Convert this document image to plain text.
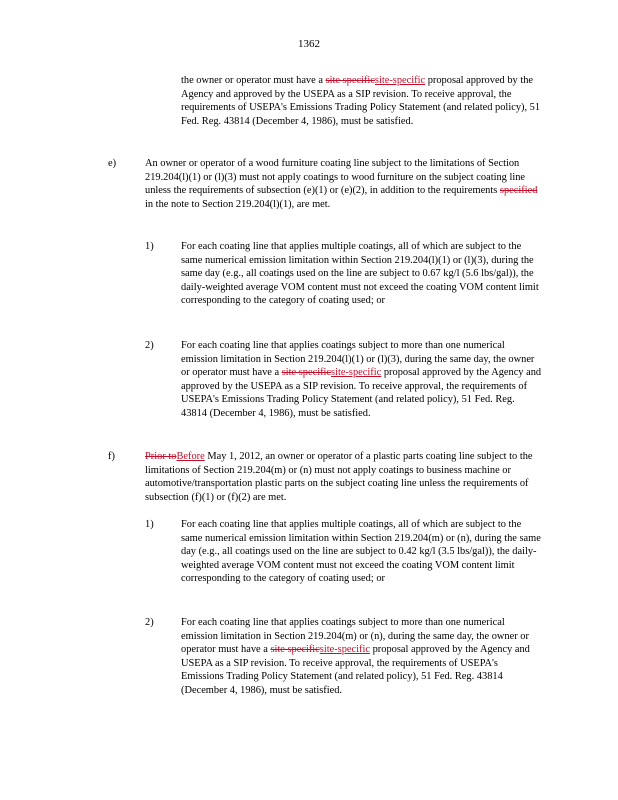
1362

the owner or operator must have a site specificsite-specific proposal approved by the Agency and approved by the USEPA as a SIP revision. To receive approval, the requirements of USEPA's Emissions Trading Policy Statement (and related policy), 51 Fed. Reg. 43814 (December 4, 1986), must be satisfied.

e)	An owner or operator of a wood furniture coating line subject to the limitations of Section 219.204(l)(1) or (l)(3) must not apply coatings to wood furniture on the subject coating line unless the requirements of subsection (e)(1) or (e)(2), in addition to the requirements specified in the note to Section 219.204(l)(1), are met.

1)	For each coating line that applies multiple coatings, all of which are subject to the same numerical emission limitation within Section 219.204(l)(1) or (l)(3), during the same day (e.g., all coatings used on the line are subject to 0.67 kg/l (5.6 lbs/gal)), the daily-weighted average VOM content must not exceed the coating VOM content limit corresponding to the category of coating used; or

2)	For each coating line that applies coatings subject to more than one numerical emission limitation in Section 219.204(l)(1) or (l)(3), during the same day, the owner or operator must have a site specificsite-specific proposal approved by the Agency and approved by the USEPA as a SIP revision. To receive approval, the requirements of USEPA's Emissions Trading Policy Statement (and related policy), 51 Fed. Reg. 43814 (December 4, 1986), must be satisfied.

f)	Prior toBefore May 1, 2012, an owner or operator of a plastic parts coating line subject to the limitations of Section 219.204(m) or (n) must not apply coatings to business machine or automotive/transportation plastic parts on the subject coating line unless the requirements of subsection (f)(1) or (f)(2) are met.

1)	For each coating line that applies multiple coatings, all of which are subject to the same numerical emission limitation within Section 219.204(m) or (n), during the same day (e.g., all coatings used on the line are subject to 0.42 kg/l (3.5 lbs/gal)), the daily-weighted average VOM content must not exceed the coating VOM content limit corresponding to the category of coating used; or

2)	For each coating line that applies coatings subject to more than one numerical emission limitation in Section 219.204(m) or (n), during the same day, the owner or operator must have a site specificsite-specific proposal approved by the Agency and USEPA as a SIP revision. To receive approval, the requirements of USEPA's Emissions Trading Policy Statement (and related policy), 51 Fed. Reg. 43814 (December 4, 1986), must be satisfied.
